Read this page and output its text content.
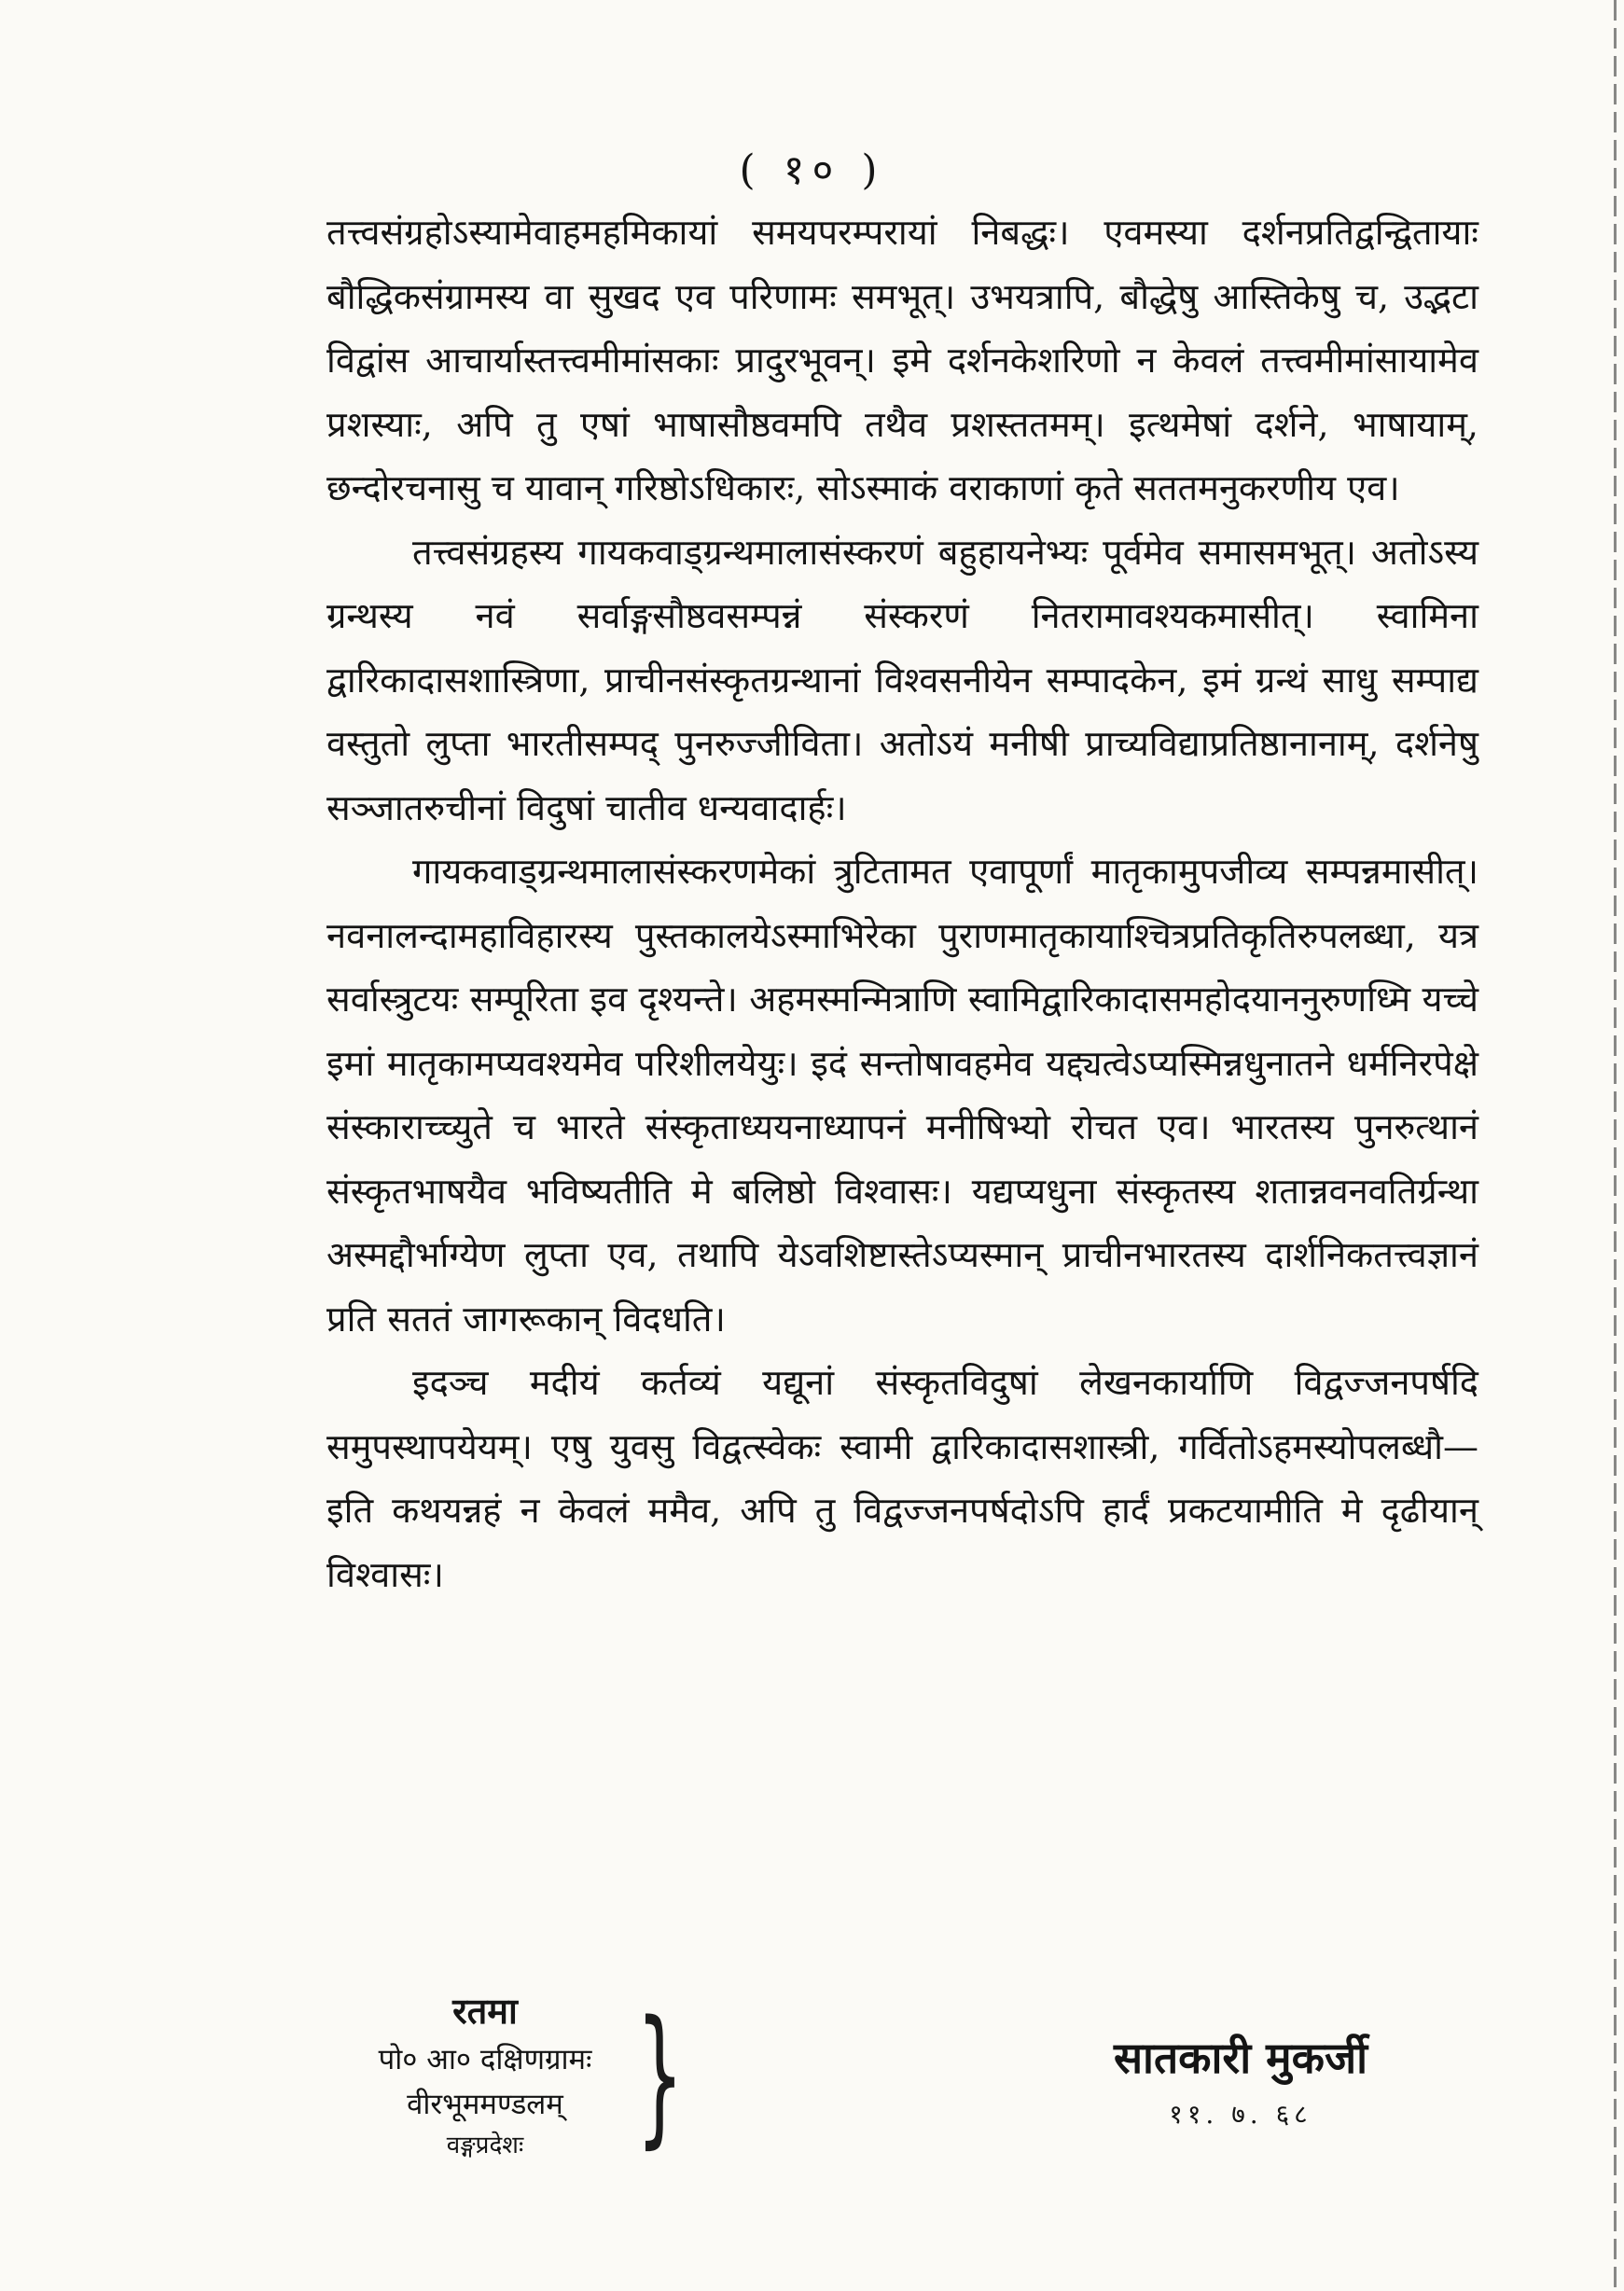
( १० )

तत्त्वसंग्रहोऽस्यामेवाहमहमिकायां समयपरम्परायां निबद्धः। एवमस्या दर्शनप्रतिद्वन्द्वितायाः बौद्धिकसंग्रामस्य वा सुखद एव परिणामः समभूत्। उभयत्रापि, बौद्धेषु आस्तिकेषु च, उद्भटा विद्वांस आचार्यास्तत्त्वमीमांसकाः प्रादुरभूवन्। इमे दर्शनकेशरिणो न केवलं तत्त्वमीमांसायामेव प्रशस्याः, अपि तु एषां भाषासौष्ठवमपि तथैव प्रशस्ततमम्। इत्थमेषां दर्शने, भाषायाम्, छन्दोरचनासु च यावान् गरिष्ठोऽधिकारः, सोऽस्माकं वराकाणां कृते सततमनुकरणीय एव।

तत्त्वसंग्रहस्य गायकवाड्ग्रन्थमालासंस्करणं बहुहायनेभ्यः पूर्वमेव समासमभूत्। अतोऽस्य ग्रन्थस्य नवं सर्वाङ्गसौष्ठवसम्पन्नं संस्करणं नितरामावश्यकमासीत्। स्वामिना द्वारिकादासशास्त्रिणा, प्राचीनसंस्कृतग्रन्थानां विश्वसनीयेन सम्पादकेन, इमं ग्रन्थं साधु सम्पाद्य वस्तुतो लुप्ता भारतीसम्पद् पुनरुज्जीविता। अतोऽयं मनीषी प्राच्यविद्याप्रतिष्ठानानाम्, दर्शनेषु सञ्जातरुचीनां विदुषां चातीव धन्यवादार्हः।

गायकवाड्ग्रन्थमालासंस्करणमेकां त्रुटितामत एवापूर्णां मातृकामुपजीव्य सम्पन्नमासीत्। नवनालन्दामहाविहारस्य पुस्तकालयेऽस्माभिरेका पुराणमातृकायाश्चित्रप्रतिकृतिरुपलब्धा, यत्र सर्वास्त्रुटयः सम्पूरिता इव दृश्यन्ते। अहमस्मन्मित्राणि स्वामिद्वारिकादासमहोदयाननुरुणध्मि यच्चे इमां मातृकामप्यवश्यमेव परिशीलयेयुः। इदं सन्तोषावहमेव यद्द्यत्वेऽप्यस्मिन्नधुनातने धर्मनिरपेक्षे संस्काराच्च्युते च भारते संस्कृताध्ययनाध्यापनं मनीषिभ्यो रोचत एव। भारतस्य पुनरुत्थानं संस्कृतभाषयैव भविष्यतीति मे बलिष्ठो विश्वासः। यद्यप्यधुना संस्कृतस्य शतान्नवनवतिर्ग्रन्था अस्मद्दौर्भाग्येण लुप्ता एव, तथापि येऽवशिष्टास्तेऽप्यस्मान् प्राचीनभारतस्य दार्शनिकतत्त्वज्ञानं प्रति सततं जागरूकान् विदधति।

इदञ्च मदीयं कर्तव्यं यद्यूनां संस्कृतविदुषां लेखनकार्याणि विद्वज्जनपर्षदि समुपस्थापयेयम्। एषु युवसु विद्वत्स्वेकः स्वामी द्वारिकादासशास्त्री, गर्वितोऽहमस्योपलब्धौ—इति कथयन्नहं न केवलं ममैव, अपि तु विद्वज्जनपर्षदोऽपि हार्दं प्रकटयामीति मे दृढीयान् विश्वासः।

रतमा
पो० आ० दक्षिणग्रामः
वीरभूममण्डलम्
वङ्गप्रदेशः }	सातकारी मुकर्जी
११. ७. ६८
